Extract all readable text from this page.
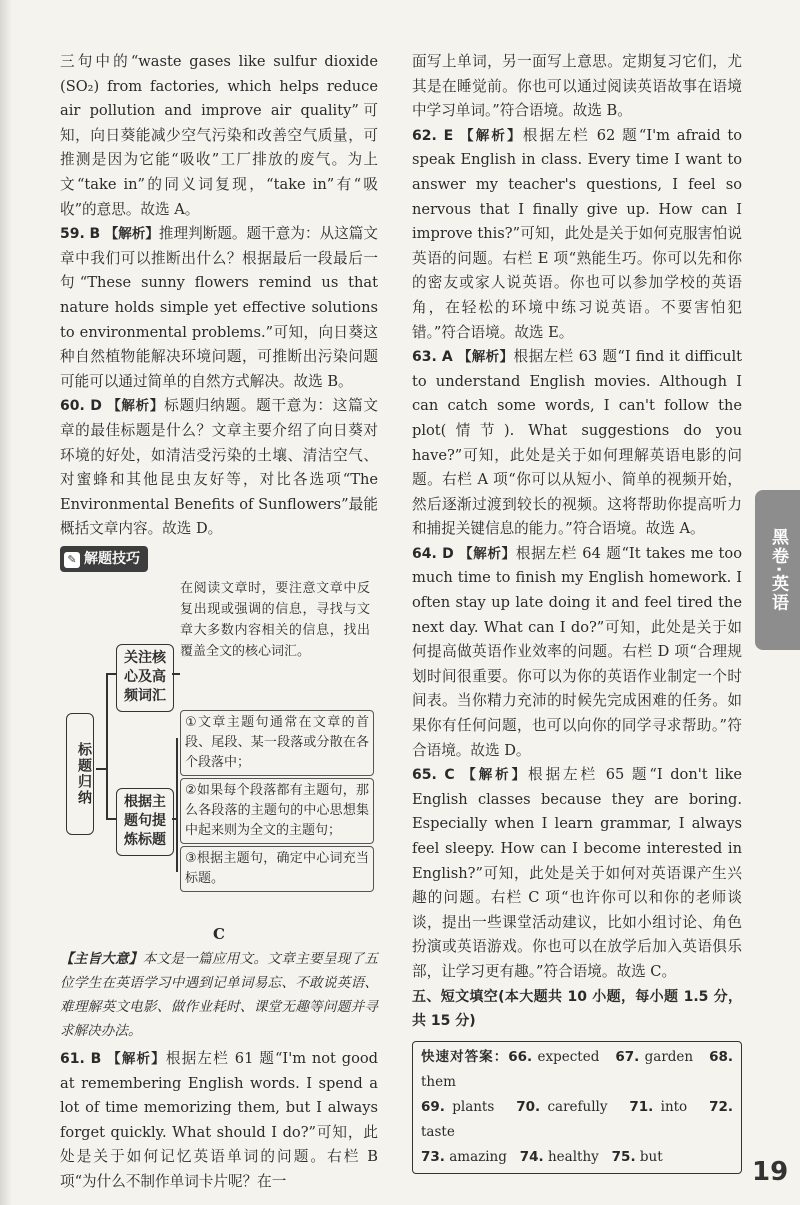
三句中的“waste gases like sulfur dioxide (SO₂) from factories, which helps reduce air pollution and improve air quality”可知，向日葵能减少空气污染和改善空气质量，可推测是因为它能“吸收”工厂排放的废气。为上文“take in”的同义词复现，“take in”有“吸收”的意思。故选 A。

59. B 【解析】推理判断题。题干意为：从这篇文章中我们可以推断出什么？根据最后一段最后一句“These sunny flowers remind us that nature holds simple yet effective solutions to environmental problems.”可知，向日葵这种自然植物能解决环境问题，可推断出污染问题可能可以通过简单的自然方式解决。故选 B。

60. D 【解析】标题归纳题。题干意为：这篇文章的最佳标题是什么？文章主要介绍了向日葵对环境的好处，如清洁受污染的土壤、清洁空气、对蜜蜂和其他昆虫友好等，对比各选项“The Environmental Benefits of Sunflowers”最能概括文章内容。故选 D。

✎ 解题技巧
在阅读文章时，要注意文章中反复出现或强调的信息，寻找与文章大多数内容相关的信息，找出覆盖全文的核心词汇。
标题归纳
关注核心及高频词汇
根据主题句提炼标题
①文章主题句通常在文章的首段、尾段、某一段落或分散在各个段落中；
②如果每个段落都有主题句，那么各段落的主题句的中心思想集中起来则为全文的主题句；
③根据主题句，确定中心词充当标题。
C

【主旨大意】本文是一篇应用文。文章主要呈现了五位学生在英语学习中遇到记单词易忘、不敢说英语、难理解英文电影、做作业耗时、课堂无趣等问题并寻求解决办法。

61. B 【解析】根据左栏 61 题“I'm not good at remembering English words. I spend a lot of time memorizing them, but I always forget quickly. What should I do?”可知，此处是关于如何记忆英语单词的问题。右栏 B 项“为什么不制作单词卡片呢？在一

面写上单词，另一面写上意思。定期复习它们，尤其是在睡觉前。你也可以通过阅读英语故事在语境中学习单词。”符合语境。故选 B。

62. E 【解析】根据左栏 62 题“I'm afraid to speak English in class. Every time I want to answer my teacher's questions, I feel so nervous that I finally give up. How can I improve this?”可知，此处是关于如何克服害怕说英语的问题。右栏 E 项“熟能生巧。你可以先和你的密友或家人说英语。你也可以参加学校的英语角，在轻松的环境中练习说英语。不要害怕犯错。”符合语境。故选 E。

63. A 【解析】根据左栏 63 题“I find it difficult to understand English movies. Although I can catch some words, I can't follow the plot(情节). What suggestions do you have?”可知，此处是关于如何理解英语电影的问题。右栏 A 项“你可以从短小、简单的视频开始，然后逐渐过渡到较长的视频。这将帮助你提高听力和捕捉关键信息的能力。”符合语境。故选 A。

64. D 【解析】根据左栏 64 题“It takes me too much time to finish my English homework. I often stay up late doing it and feel tired the next day. What can I do?”可知，此处是关于如何提高做英语作业效率的问题。右栏 D 项“合理规划时间很重要。你可以为你的英语作业制定一个时间表。当你精力充沛的时候先完成困难的任务。如果你有任何问题，也可以向你的同学寻求帮助。”符合语境。故选 D。

65. C 【解析】根据左栏 65 题“I don't like English classes because they are boring. Especially when I learn grammar, I always feel sleepy. How can I become interested in English?”可知，此处是关于如何对英语课产生兴趣的问题。右栏 C 项“也许你可以和你的老师谈谈，提出一些课堂活动建议，比如小组讨论、角色扮演或英语游戏。你也可以在放学后加入英语俱乐部，让学习更有趣。”符合语境。故选 C。

五、短文填空(本大题共 10 小题，每小题 1.5 分，共 15 分)

快速对答案：66. expected 67. garden 68. them
69. plants 70. carefully 71. into 72. taste
73. amazing 74. healthy 75. but
黑卷·英语
19
